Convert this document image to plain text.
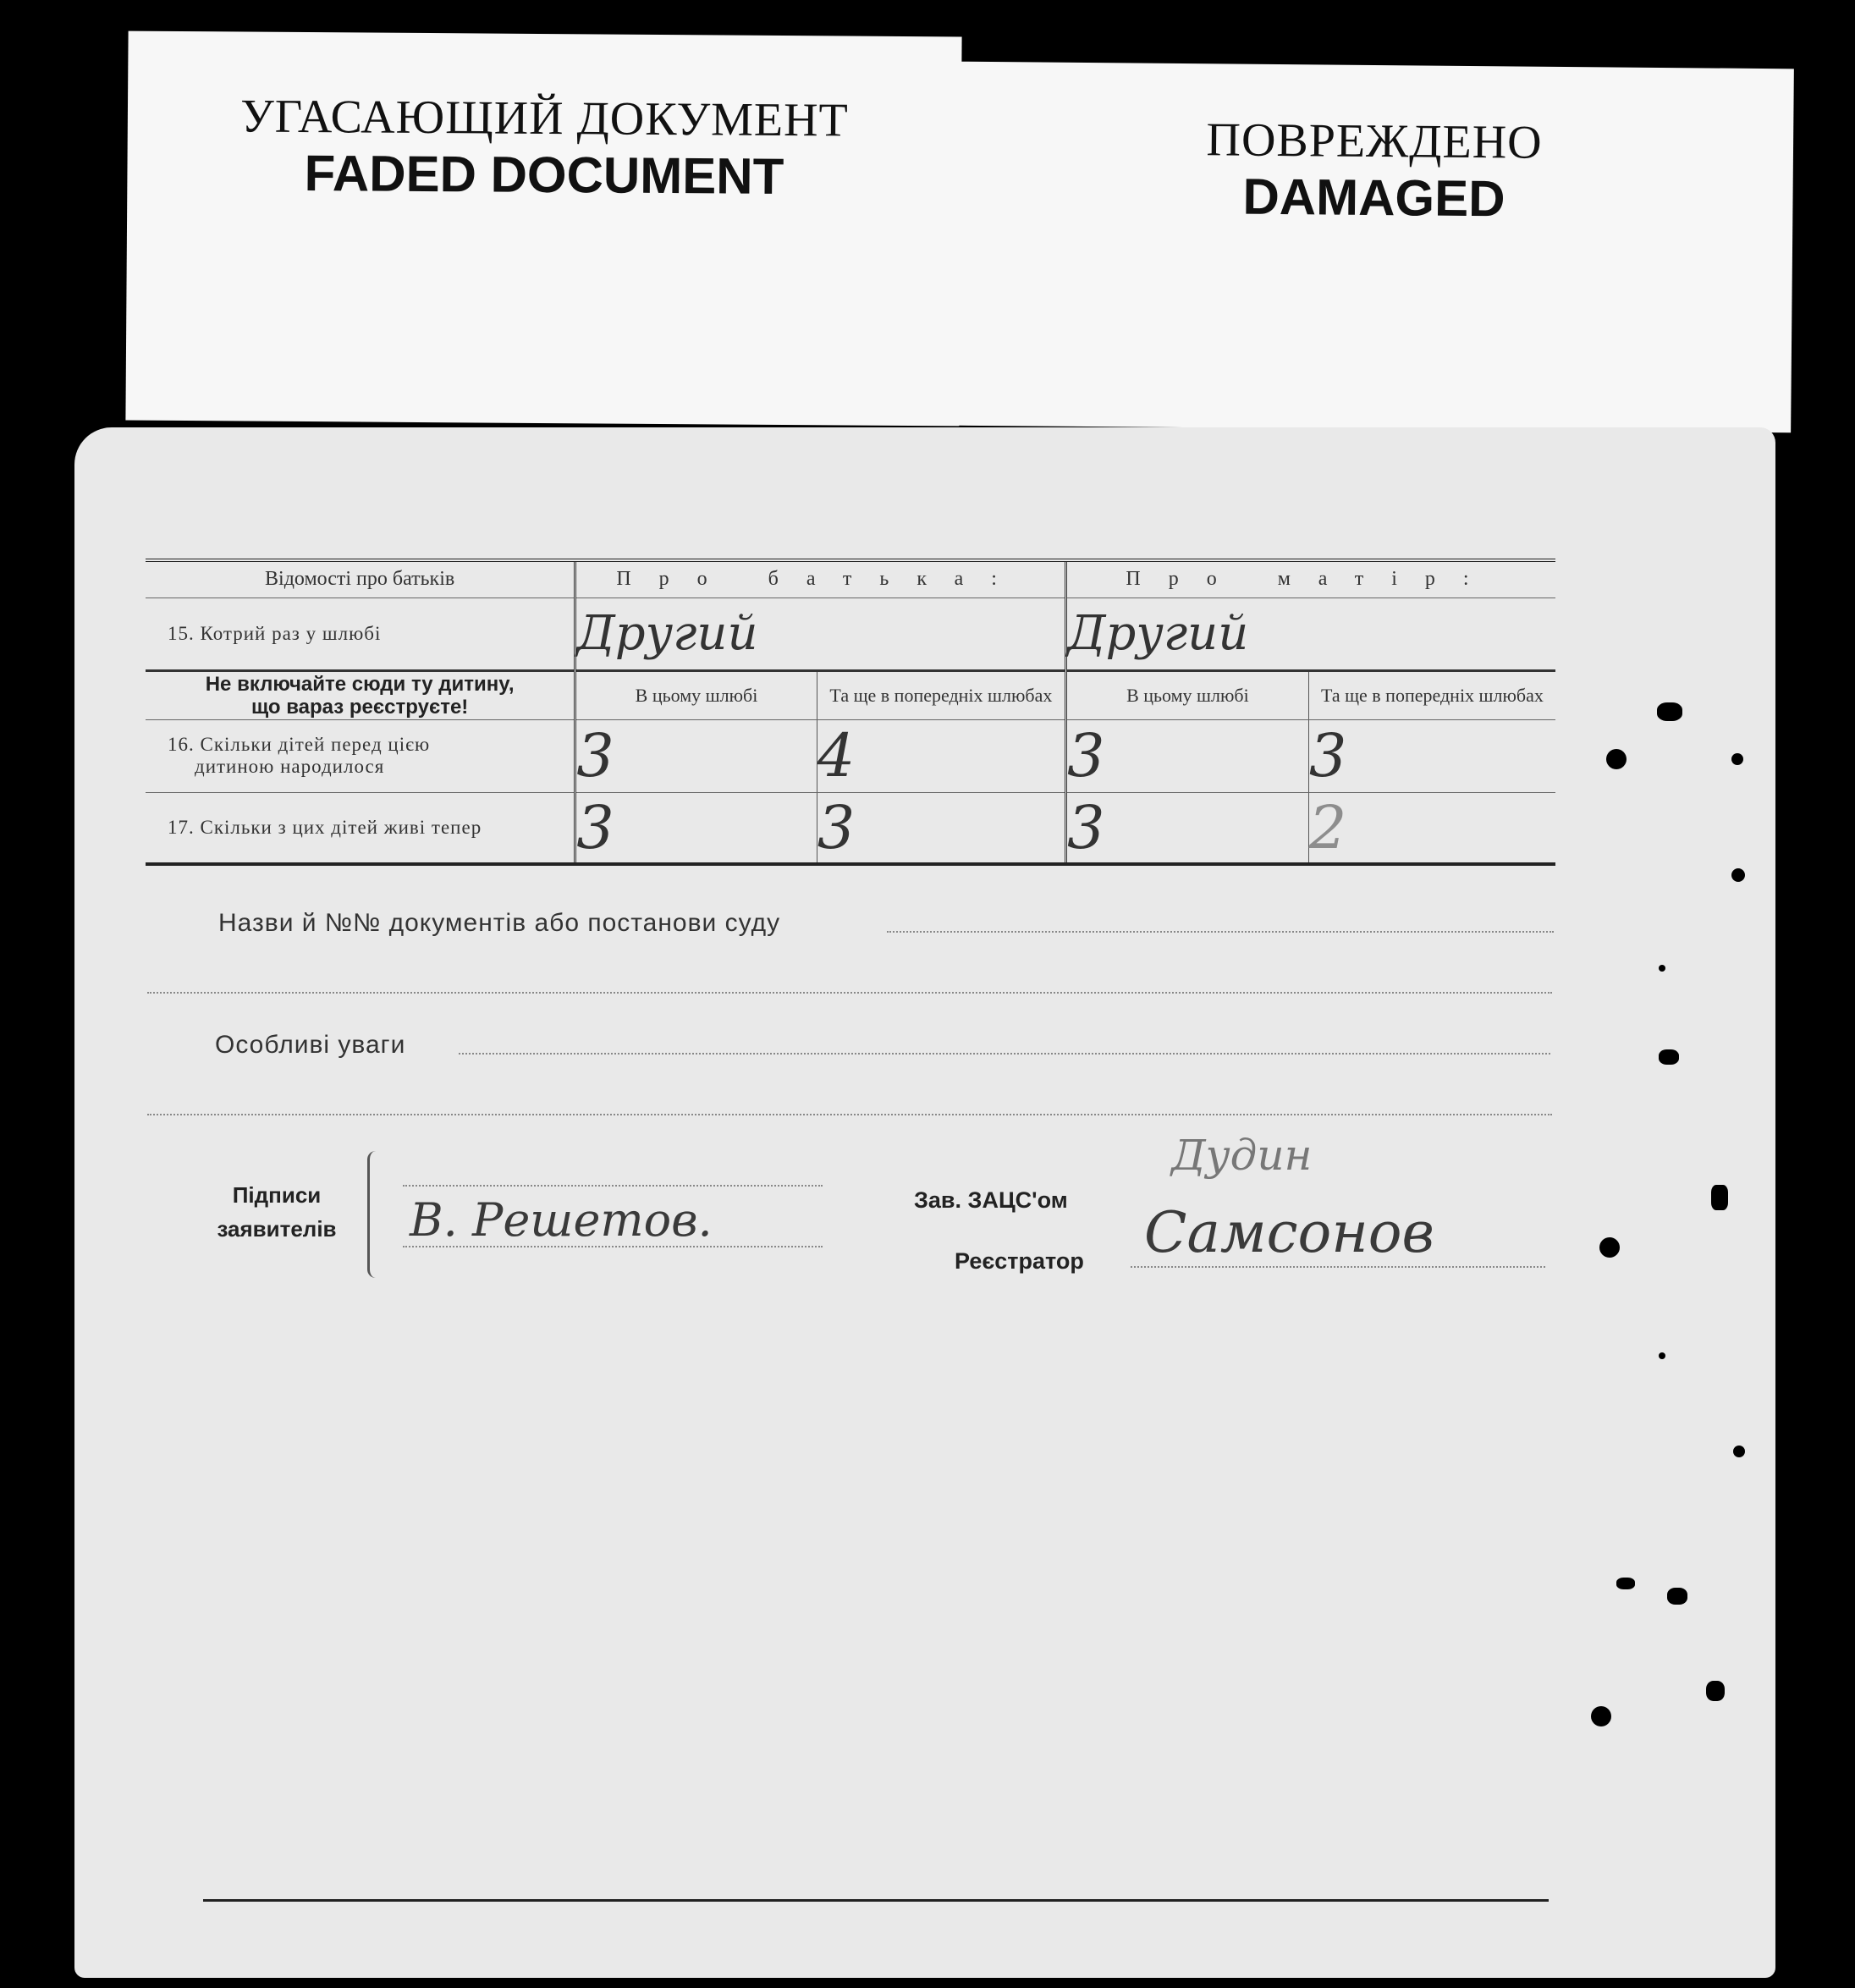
УГАСАЮЩИЙ ДОКУМЕНТ
FADED DOCUMENT
ПОВРЕЖДЕНО
DAMAGED
Відомості про батьків	Про батька:		Про матір:	
15. Котрий раз у шлюбі	Другий		Другий	

Не включайте сюди ту дитину,
що вараз реєструєте!	В цьому шлюбі	Та ще в попередніх шлюбах	В цьому шлюбі	Та ще в попередніх шлюбах

16. Скільки дітей перед цією
дитиною народилося	3	4	3	3
17. Скільки з цих дітей живі тепер	3	3	3	2
Назви й №№ документів або постанови суду
Особливі уваги
Підписи
заявителів	В. Решетов.	Зав. ЗАЦС'ом
Реєстратор
Дудин
Самсонов
